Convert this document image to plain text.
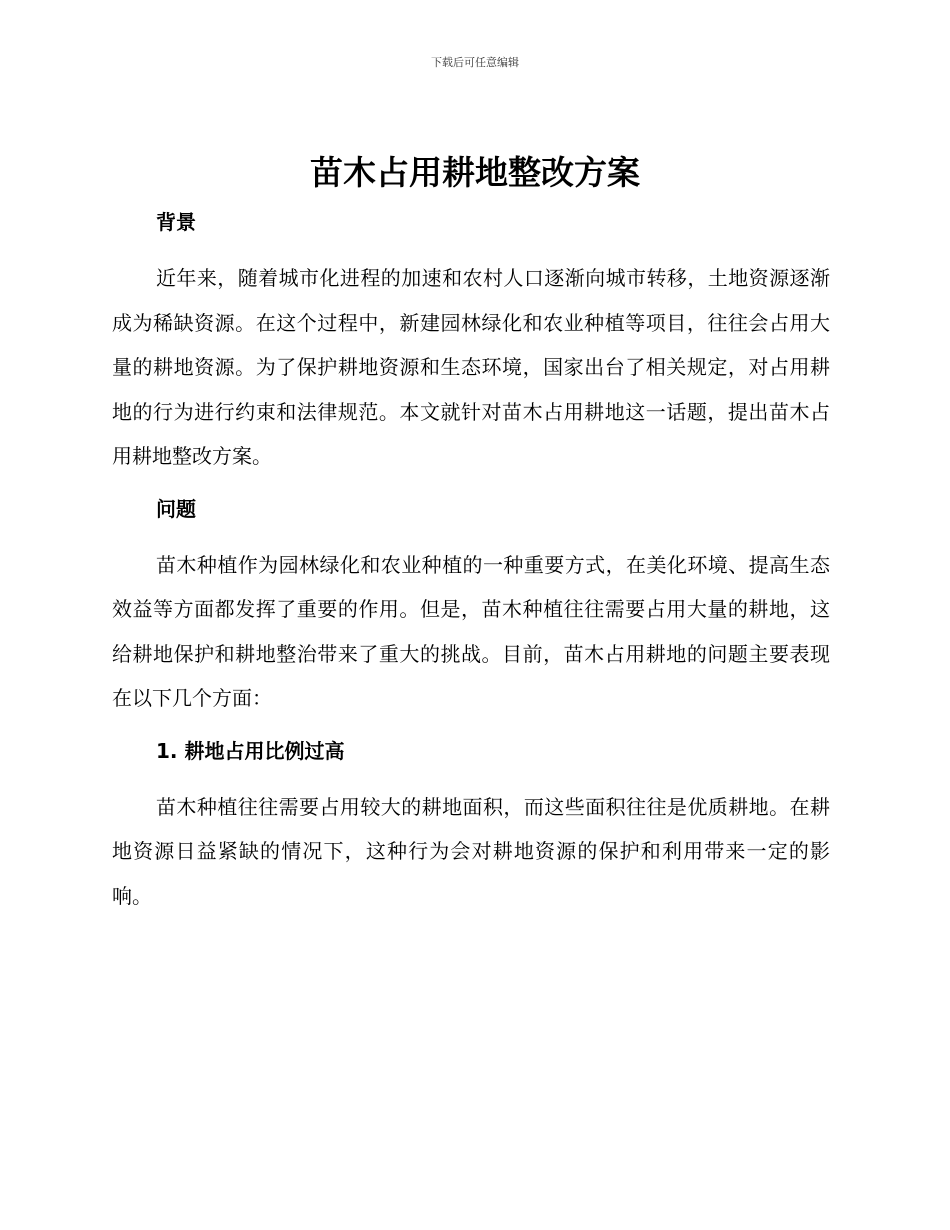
下载后可任意编辑
苗木占用耕地整改方案
背景

近年来，随着城市化进程的加速和农村人口逐渐向城市转移，土地资源逐渐成为稀缺资源。在这个过程中，新建园林绿化和农业种植等项目，往往会占用大量的耕地资源。为了保护耕地资源和生态环境，国家出台了相关规定，对占用耕地的行为进行约束和法律规范。本文就针对苗木占用耕地这一话题，提出苗木占用耕地整改方案。

问题

苗木种植作为园林绿化和农业种植的一种重要方式，在美化环境、提高生态效益等方面都发挥了重要的作用。但是，苗木种植往往需要占用大量的耕地，这给耕地保护和耕地整治带来了重大的挑战。目前，苗木占用耕地的问题主要表现在以下几个方面：

1. 耕地占用比例过高

苗木种植往往需要占用较大的耕地面积，而这些面积往往是优质耕地。在耕地资源日益紧缺的情况下，这种行为会对耕地资源的保护和利用带来一定的影响。
